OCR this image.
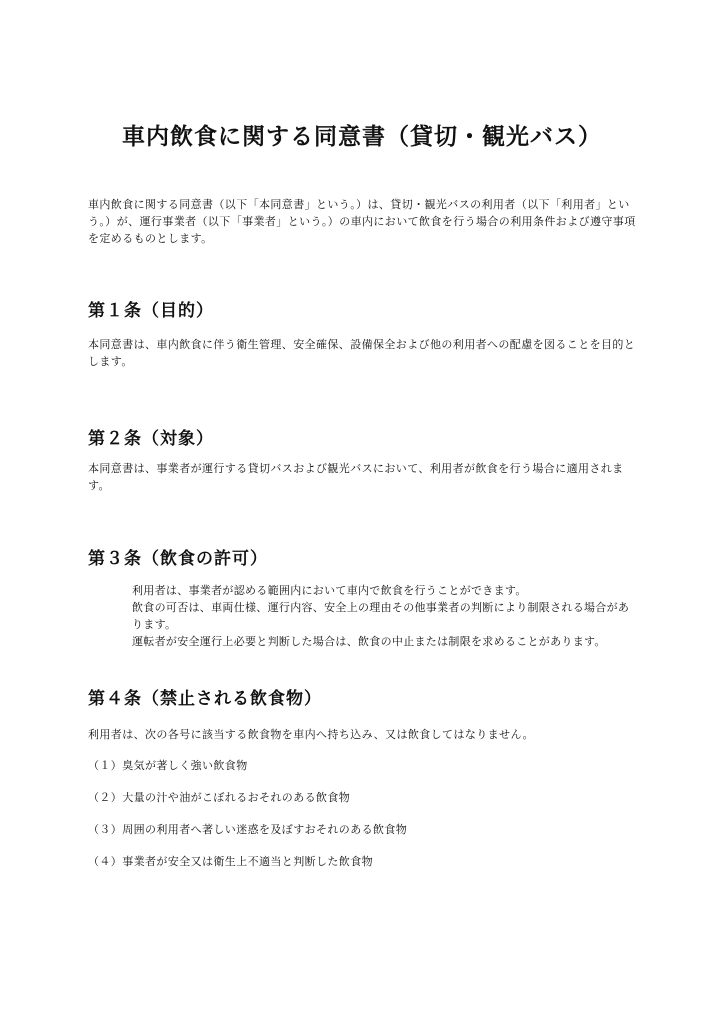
車内飲食に関する同意書（貸切・観光バス）
車内飲食に関する同意書（以下「本同意書」という。）は、貸切・観光バスの利用者（以下「利用者」という。）が、運行事業者（以下「事業者」という。）の車内において飲食を行う場合の利用条件および遵守事項を定めるものとします。
第１条（目的）
本同意書は、車内飲食に伴う衛生管理、安全確保、設備保全および他の利用者への配慮を図ることを目的とします。
第２条（対象）
本同意書は、事業者が運行する貸切バスおよび観光バスにおいて、利用者が飲食を行う場合に適用されます。
第３条（飲食の許可）
利用者は、事業者が認める範囲内において車内で飲食を行うことができます。
飲食の可否は、車両仕様、運行内容、安全上の理由その他事業者の判断により制限される場合があります。
運転者が安全運行上必要と判断した場合は、飲食の中止または制限を求めることがあります。
第４条（禁止される飲食物）
利用者は、次の各号に該当する飲食物を車内へ持ち込み、又は飲食してはなりません。
（１）臭気が著しく強い飲食物
（２）大量の汁や油がこぼれるおそれのある飲食物
（３）周囲の利用者へ著しい迷惑を及ぼすおそれのある飲食物
（４）事業者が安全又は衛生上不適当と判断した飲食物
